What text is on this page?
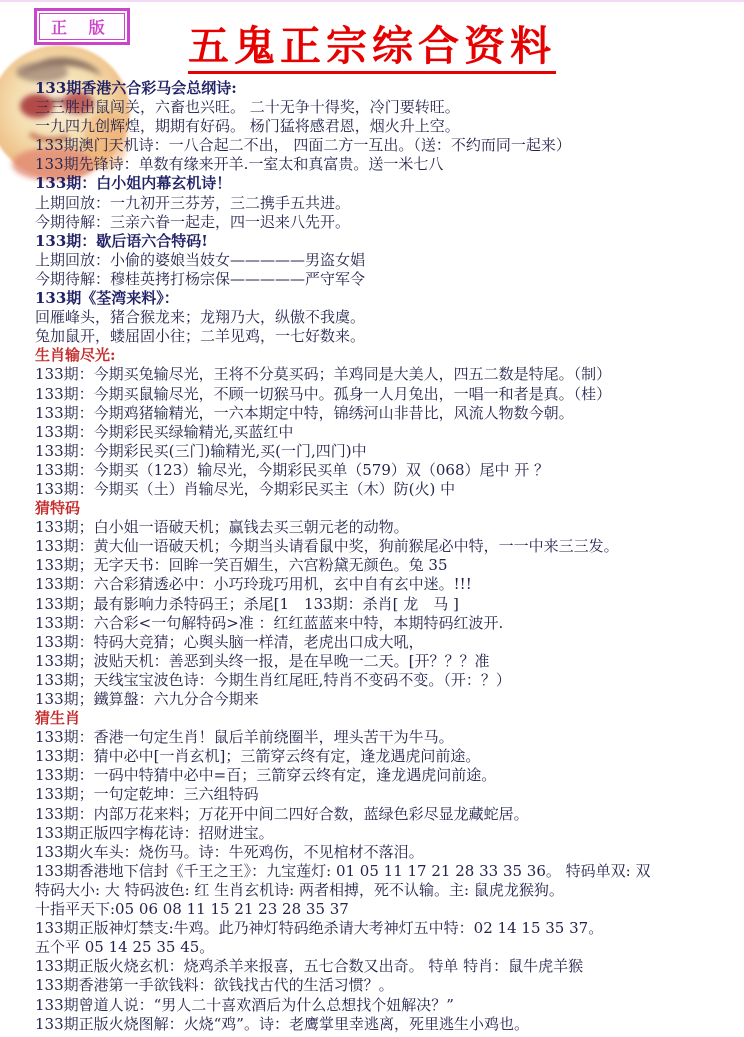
正 版	五鬼正宗综合资料
133期香港六合彩马会总纲诗:
三三胜出鼠闯关，六畜也兴旺。 二十无争十得奖，冷门要转旺。
一九四九创辉煌，期期有好码。 杨门猛将感君恩，烟火升上空。
133期澳门天机诗：一八合起二不出， 四面二方一互出。（送：不约而同一起来）
133期先锋诗：单数有缘来开羊.一室太和真富贵。送一米七八
133期：白小姐内幕玄机诗！
上期回放：一九初开三芬芳，三二携手五共进。
今期待解：三亲六眷一起走，四一迟来八先开。
133期：歇后语六合特码!
上期回放：小偷的婆娘当妓女—————男盗女娼
今期待解：穆桂英拷打杨宗保—————严守军令
133期《荃湾来料》：
回雁峰头，猪合猴龙来；龙翔乃大，纵傲不我虞。
兔加鼠开，蝼屈固小往；二羊见鸡，一七好数来。
生肖输尽光:
133期：今期买兔输尽光，王将不分莫买码；羊鸡同是大美人，四五二数是特尾。（制）
133期：今期买鼠输尽光，不顾一切猴马中。孤身一人月兔出，一唱一和者是真。（桂）
133期：今期鸡猪输精光，一六本期定中特，锦绣河山非昔比，风流人物数今朝。
133期：今期彩民买绿输精光,买蓝红中
133期：今期彩民买(三门)输精光,买(一门,四门)中
133期：今期买（123）输尽光，今期彩民买单（579）双（068）尾中 开 ？
133期：今期买（土）肖输尽光，今期彩民买主（木）防(火) 中
猜特码
133期；白小姐一语破天机；赢钱去买三朝元老的动物。
133期：黄大仙一语破天机；今期当头请看鼠中奖，狗前猴尾必中特，一一中来三三发。
133期；无字天书：回眸一笑百媚生，六宫粉黛无颜色。兔 35
133期：六合彩猜透必中：小巧玲珑巧用机，玄中自有玄中迷。!!!
133期；最有影响力杀特码王；杀尾[1　133期：杀肖[ 龙　马 ]
133期：六合彩<一句解特码>准 ：红红蓝蓝来中特，本期特码红波开.
133期：特码大竞猜；心舆头脑一样清，老虎出口成大吼，
133期；波贴天机：善恶到头终一报，是在早晚一二天。[开？？？准
133期；天线宝宝波色诗：今期生肖红尾旺,特肖不变码不变。（开：？）
133期；鐵算盤：六九分合今期来
猜生肖
133期：香港一句定生肖！鼠后羊前绕圈半，埋头苦干为牛马。
133期：猜中必中[一肖玄机]；三箭穿云终有定，逢龙遇虎问前途。
133期：一码中特猜中必中=百；三箭穿云终有定，逢龙遇虎问前途。
133期；一句定乾坤：三六组特码
133期：内部万花来料；万花开中间二四好合数，蓝绿色彩尽显龙藏蛇居。
133期正版四字梅花诗：招财进宝。
133期火车头：烧伤马。诗：牛死鸡伤，不见棺材不落泪。
133期香港地下信封《千王之王》：九宝莲灯: 01 05 11 17 21 28 33 35 36。 特码单双: 双
特码大小: 大 特码波色: 红 生肖玄机诗: 两者相搏，死不认输。主: 鼠虎龙猴狗。
十指平天下:05 06 08 11 15 21 23 28 35 37
133期正版神灯禁支:牛鸡。此乃神灯特码绝杀请大考神灯五中特：02 14 15 35 37。
五个平 05 14 25 35 45。
133期正版火烧玄机：烧鸡杀羊来报喜，五七合数又出奇。 特单 特肖：鼠牛虎羊猴
133期香港第一手欲钱料：欲钱找古代的生活习惯？。
133期曾道人说：“男人二十喜欢酒后为什么总想找个妞解决？”
133期正版火烧图解：火烧“鸡”。诗：老鹰掌里幸逃离，死里逃生小鸡也。
